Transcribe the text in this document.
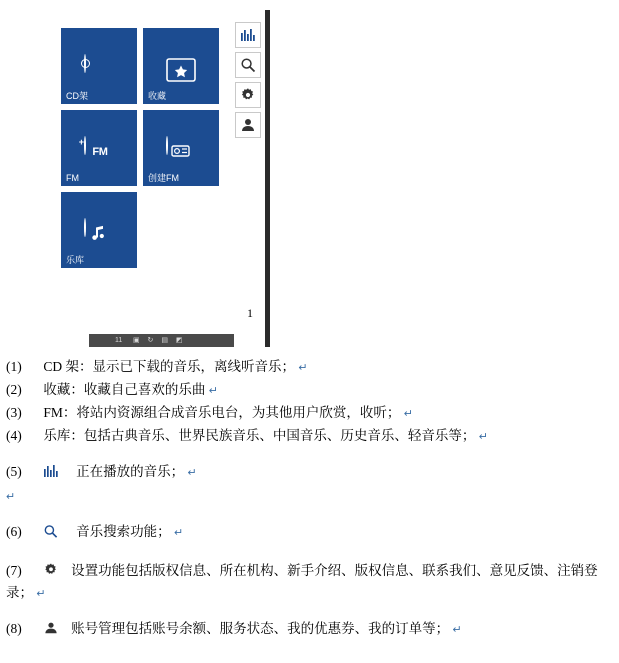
CD架	收藏
FM
+
FM	创建FM
乐库
1
11 ▣ ↻ ▤ ◩
(1) CD 架：显示已下载的音乐，离线听音乐； ↵
(2) 收藏：收藏自己喜欢的乐曲 ↵
(3) FM：将站内资源组合成音乐电台，为其他用户欣赏，收听； ↵
(4) 乐库：包括古典音乐、世界民族音乐、中国音乐、历史音乐、轻音乐等； ↵
(5)	正在播放的音乐； ↵
↵
(6)	音乐搜索功能； ↵
(7)	设置功能包括版权信息、所在机构、新手介绍、版权信息、联系我们、意见反馈、注销登录； ↵
(8)	账号管理包括账号余额、服务状态、我的优惠券、我的订单等； ↵
